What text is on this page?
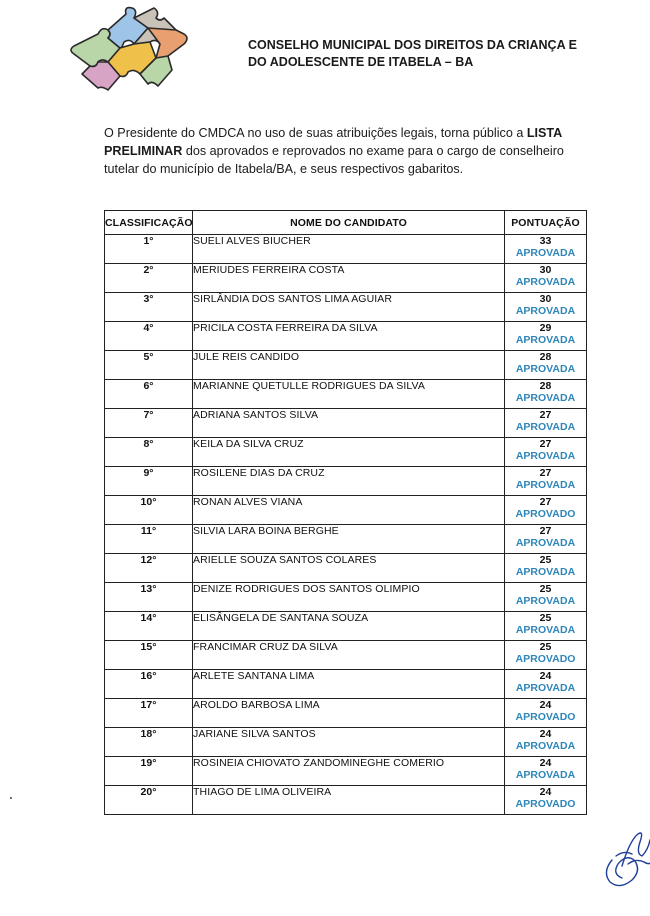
CONSELHO MUNICIPAL DOS DIREITOS DA CRIANÇA E DO ADOLESCENTE DE ITABELA – BA
O Presidente do CMDCA no uso de suas atribuições legais, torna público a LISTA PRELIMINAR dos aprovados e reprovados no exame para o cargo de conselheiro tutelar do município de Itabela/BA, e seus respectivos gabaritos.
CLASSIFICAÇÃO	NOME DO CANDIDATO	PONTUAÇÃO
1°	SUELI ALVES BIUCHER	33
APROVADA

2°	MERIUDES FERREIRA COSTA	30
APROVADA

3°	SIRLÂNDIA DOS SANTOS LIMA AGUIAR	30
APROVADA

4°	PRICILA COSTA FERREIRA DA SILVA	29
APROVADA

5°	JULE REIS CANDIDO	28
APROVADA

6°	MARIANNE QUETULLE RODRIGUES DA SILVA	28
APROVADA

7°	ADRIANA SANTOS SILVA	27
APROVADA

8°	KEILA DA SILVA CRUZ	27
APROVADA

9°	ROSILENE DIAS DA CRUZ	27
APROVADA

10°	RONAN ALVES VIANA	27
APROVADO

11°	SILVIA LARA BOINA BERGHE	27
APROVADA

12°	ARIELLE SOUZA SANTOS COLARES	25
APROVADA

13°	DENIZE RODRIGUES DOS SANTOS OLIMPIO	25
APROVADA

14°	ELISÂNGELA DE SANTANA SOUZA	25
APROVADA

15°	FRANCIMAR CRUZ DA SILVA	25
APROVADO

16°	ARLETE SANTANA LIMA	24
APROVADA

17°	AROLDO BARBOSA LIMA	24
APROVADO

18°	JARIANE SILVA SANTOS	24
APROVADA

19°	ROSINEIA CHIOVATO ZANDOMINEGHE COMERIO	24
APROVADA

20°	THIAGO DE LIMA OLIVEIRA	24
APROVADO
